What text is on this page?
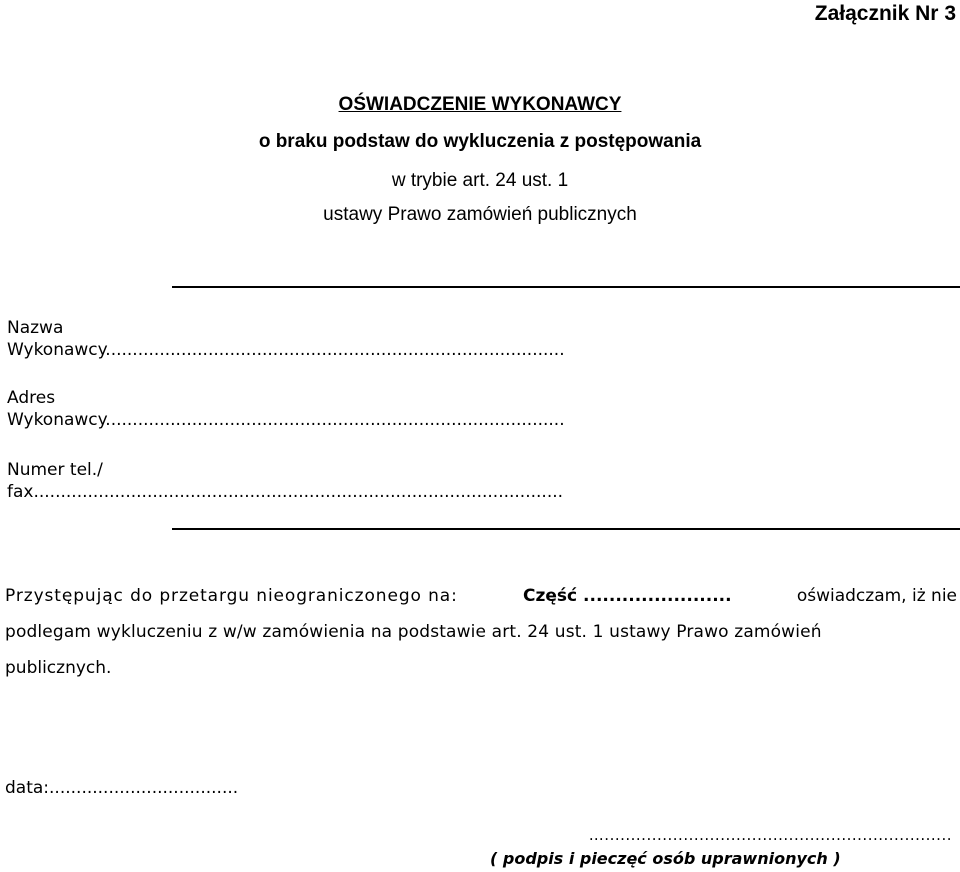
Załącznik Nr 3
OŚWIADCZENIE WYKONAWCY
o braku podstaw do wykluczenia z postępowania
w trybie art. 24 ust. 1
ustawy Prawo zamówień publicznych
Nazwa
Wykonawcy.....................................................................................
Adres
Wykonawcy.....................................................................................
Numer tel./
fax..................................................................................................
Przystępując do przetargu nieograniczonego na:	Część .......................	oświadczam, iż nie
podlegam wykluczeniu z w/w zamówienia na podstawie art. 24 ust. 1 ustawy Prawo zamówień
publicznych.
data:...................................
…..................................................................
( podpis i pieczęć osób uprawnionych )
